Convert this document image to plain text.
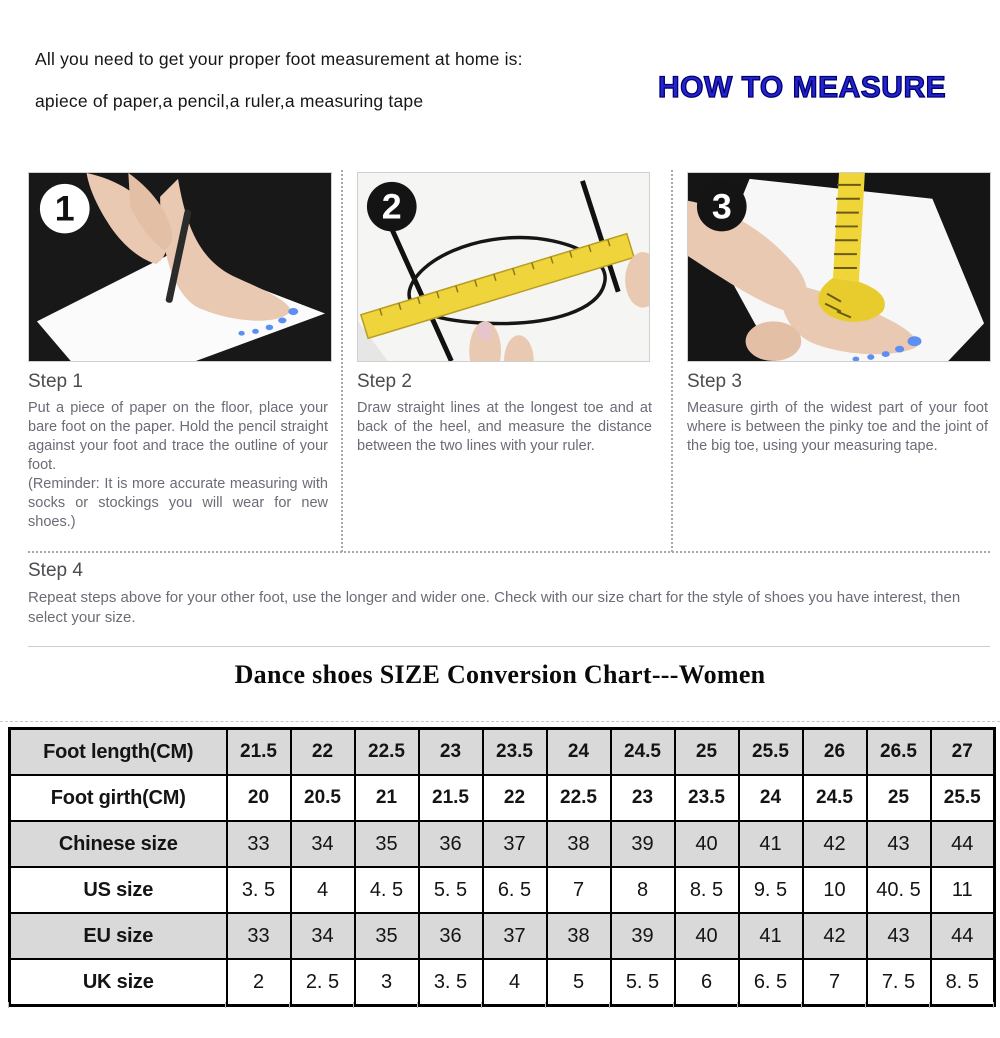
All you need to get your proper foot measurement at home is:
apiece of paper,a pencil,a ruler,a measuring tape	HOW TO MEASURE
1	2	3
Step 1

Put a piece of paper on the floor, place your bare foot on the paper. Hold the pencil straight against your foot and trace the outline of your foot.

(Reminder: It is more accurate measuring with socks or stockings you will wear for new shoes.)

Step 2

Draw straight lines at the longest toe and at back of the heel, and measure the distance between the two lines with your ruler.

Step 3

Measure girth of the widest part of your foot where is between the pinky toe and the joint of the big toe, using your measuring tape.

Step 4
Repeat steps above for your other foot, use the longer and wider one. Check with our size chart for the style of shoes you have interest, then select your size.
Dance shoes SIZE Conversion Chart---Women
Foot length(CM)	21.5	22	22.5	23	23.5	24	24.5	25	25.5	26	26.5	27
Foot girth(CM)	20	20.5	21	21.5	22	22.5	23	23.5	24	24.5	25	25.5
Chinese size	33	34	35	36	37	38	39	40	41	42	43	44
US size	3. 5	4	4. 5	5. 5	6. 5	7	8	8. 5	9. 5	10	40. 5	11
EU size	33	34	35	36	37	38	39	40	41	42	43	44
UK size	2	2. 5	3	3. 5	4	5	5. 5	6	6. 5	7	7. 5	8. 5
